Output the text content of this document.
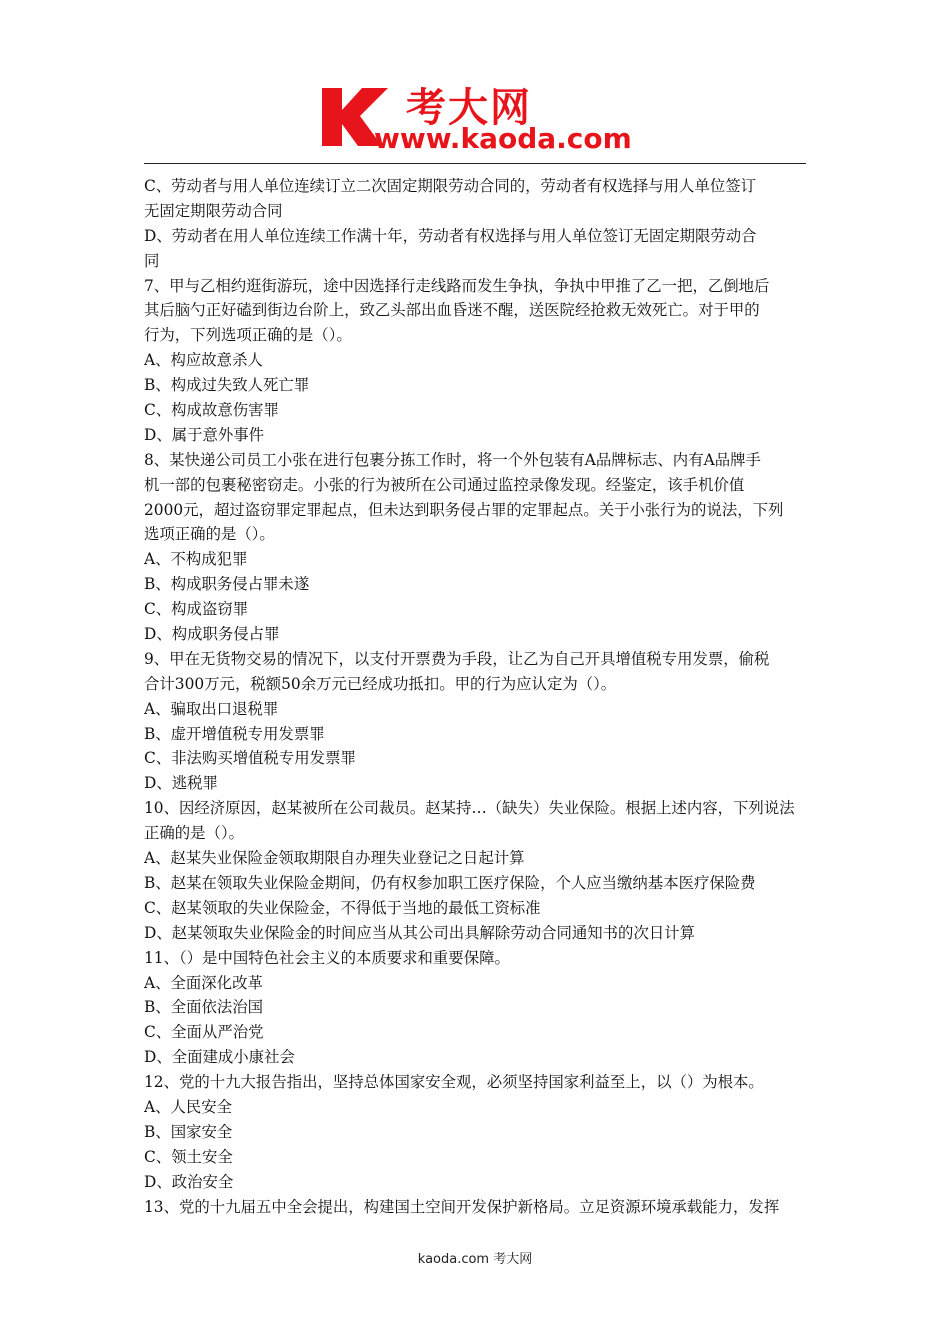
考大网
www.kaoda.com
C、劳动者与用人单位连续订立二次固定期限劳动合同的，劳动者有权选择与用人单位签订
无固定期限劳动合同
D、劳动者在用人单位连续工作满十年，劳动者有权选择与用人单位签订无固定期限劳动合
同
7、甲与乙相约逛街游玩，途中因选择行走线路而发生争执，争执中甲推了乙一把，乙倒地后
其后脑勺正好磕到街边台阶上，致乙头部出血昏迷不醒，送医院经抢救无效死亡。对于甲的
行为，下列选项正确的是（）。
A、构应故意杀人
B、构成过失致人死亡罪
C、构成故意伤害罪
D、属于意外事件
8、某快递公司员工小张在进行包裹分拣工作时，将一个外包装有A品牌标志、内有A品牌手
机一部的包裹秘密窃走。小张的行为被所在公司通过监控录像发现。经鉴定，该手机价值
2000元，超过盗窃罪定罪起点，但未达到职务侵占罪的定罪起点。关于小张行为的说法，下列
选项正确的是（）。
A、不构成犯罪
B、构成职务侵占罪未遂
C、构成盗窃罪
D、构成职务侵占罪
9、甲在无货物交易的情况下，以支付开票费为手段，让乙为自己开具增值税专用发票，偷税
合计300万元，税额50余万元已经成功抵扣。甲的行为应认定为（）。
A、骗取出口退税罪
B、虚开增值税专用发票罪
C、非法购买增值税专用发票罪
D、逃税罪
10、因经济原因，赵某被所在公司裁员。赵某持…（缺失）失业保险。根据上述内容，下列说法
正确的是（）。
A、赵某失业保险金领取期限自办理失业登记之日起计算
B、赵某在领取失业保险金期间，仍有权参加职工医疗保险，个人应当缴纳基本医疗保险费
C、赵某领取的失业保险金，不得低于当地的最低工资标准
D、赵某领取失业保险金的时间应当从其公司出具解除劳动合同通知书的次日计算
11、（）是中国特色社会主义的本质要求和重要保障。
A、全面深化改革
B、全面依法治国
C、全面从严治党
D、全面建成小康社会
12、党的十九大报告指出，坚持总体国家安全观，必须坚持国家利益至上，以（）为根本。
A、人民安全
B、国家安全
C、领土安全
D、政治安全
13、党的十九届五中全会提出，构建国土空间开发保护新格局。立足资源环境承载能力，发挥
kaoda.com 考大网
